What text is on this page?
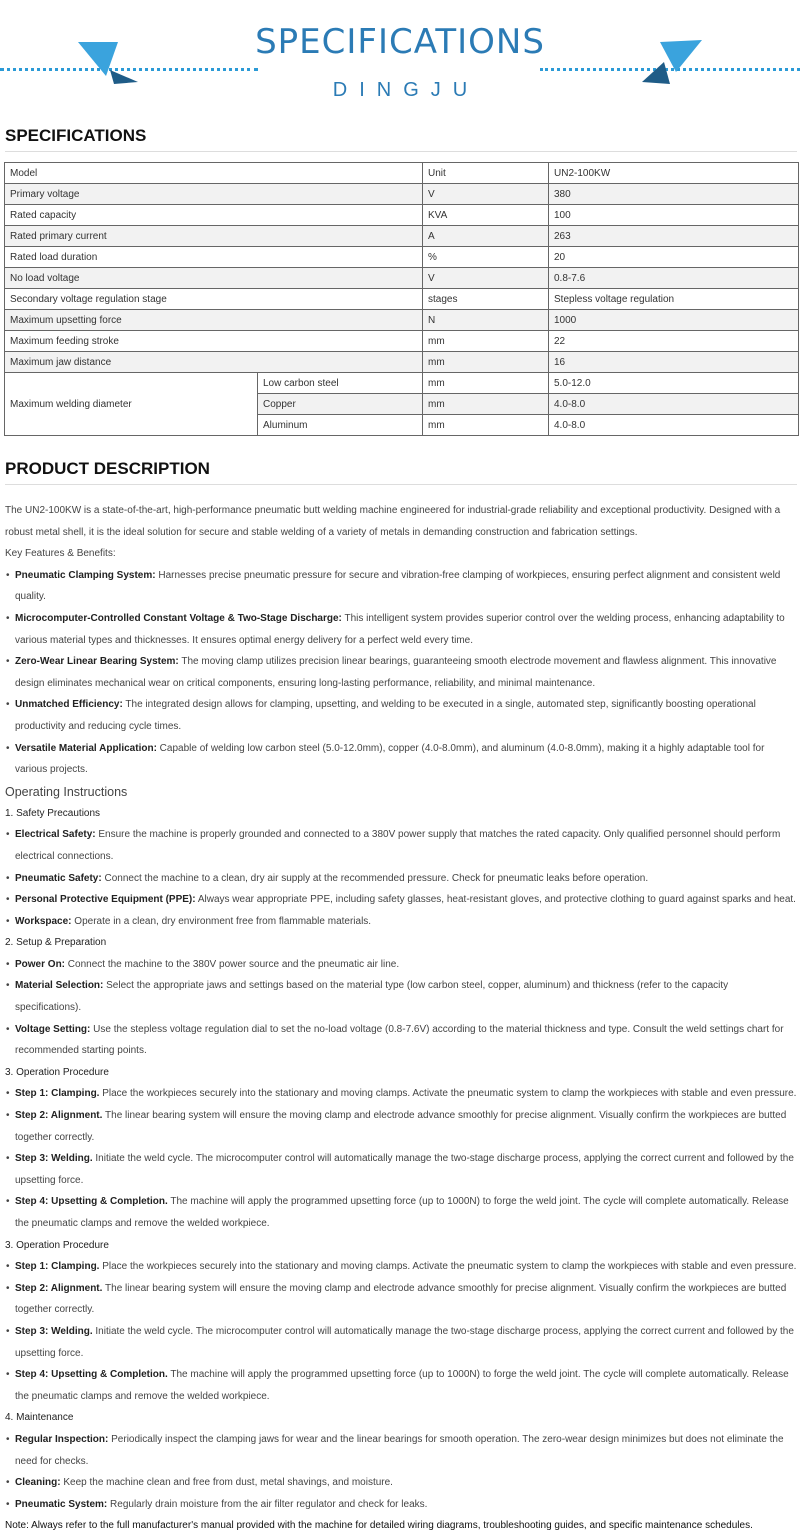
SPECIFICATIONS
DINGJU
SPECIFICATIONS
Model		Unit	UN2-100KW
Primary voltage		V	380
Rated capacity		KVA	100
Rated primary current		A	263
Rated load duration		%	20
No load voltage		V	0.8-7.6
Secondary voltage regulation stage		stages	Stepless voltage regulation
Maximum upsetting force		N	1000
Maximum feeding stroke		mm	22
Maximum jaw distance		mm	16
Maximum welding diameter	Low carbon steel	mm	5.0-12.0
	Copper	mm	4.0-8.0
	Aluminum	mm	4.0-8.0
PRODUCT DESCRIPTION

The UN2-100KW is a state-of-the-art, high-performance pneumatic butt welding machine engineered for industrial-grade reliability and exceptional productivity. Designed with a robust metal shell, it is the ideal solution for secure and stable welding of a variety of metals in demanding construction and fabrication settings.

Key Features & Benefits:

• Pneumatic Clamping System: Harnesses precise pneumatic pressure for secure and vibration-free clamping of workpieces, ensuring perfect alignment and consistent weld quality.
• Microcomputer-Controlled Constant Voltage & Two-Stage Discharge: This intelligent system provides superior control over the welding process, enhancing adaptability to various material types and thicknesses. It ensures optimal energy delivery for a perfect weld every time.
• Zero-Wear Linear Bearing System: The moving clamp utilizes precision linear bearings, guaranteeing smooth electrode movement and flawless alignment. This innovative design eliminates mechanical wear on critical components, ensuring long-lasting performance, reliability, and minimal maintenance.
• Unmatched Efficiency: The integrated design allows for clamping, upsetting, and welding to be executed in a single, automated step, significantly boosting operational productivity and reducing cycle times.
• Versatile Material Application: Capable of welding low carbon steel (5.0-12.0mm), copper (4.0-8.0mm), and aluminum (4.0-8.0mm), making it a highly adaptable tool for various projects.

Operating Instructions

1. Safety Precautions

• Electrical Safety: Ensure the machine is properly grounded and connected to a 380V power supply that matches the rated capacity. Only qualified personnel should perform electrical connections.
• Pneumatic Safety: Connect the machine to a clean, dry air supply at the recommended pressure. Check for pneumatic leaks before operation.
• Personal Protective Equipment (PPE): Always wear appropriate PPE, including safety glasses, heat-resistant gloves, and protective clothing to guard against sparks and heat.
• Workspace: Operate in a clean, dry environment free from flammable materials.

2. Setup & Preparation

• Power On: Connect the machine to the 380V power source and the pneumatic air line.
• Material Selection: Select the appropriate jaws and settings based on the material type (low carbon steel, copper, aluminum) and thickness (refer to the capacity specifications).
• Voltage Setting: Use the stepless voltage regulation dial to set the no-load voltage (0.8-7.6V) according to the material thickness and type. Consult the weld settings chart for recommended starting points.

3. Operation Procedure

• Step 1: Clamping. Place the workpieces securely into the stationary and moving clamps. Activate the pneumatic system to clamp the workpieces with stable and even pressure.
• Step 2: Alignment. The linear bearing system will ensure the moving clamp and electrode advance smoothly for precise alignment. Visually confirm the workpieces are butted together correctly.
• Step 3: Welding. Initiate the weld cycle. The microcomputer control will automatically manage the two-stage discharge process, applying the correct current and followed by the upsetting force.
• Step 4: Upsetting & Completion. The machine will apply the programmed upsetting force (up to 1000N) to forge the weld joint. The cycle will complete automatically. Release the pneumatic clamps and remove the welded workpiece.

3. Operation Procedure

• Step 1: Clamping. Place the workpieces securely into the stationary and moving clamps. Activate the pneumatic system to clamp the workpieces with stable and even pressure.
• Step 2: Alignment. The linear bearing system will ensure the moving clamp and electrode advance smoothly for precise alignment. Visually confirm the workpieces are butted together correctly.
• Step 3: Welding. Initiate the weld cycle. The microcomputer control will automatically manage the two-stage discharge process, applying the correct current and followed by the upsetting force.
• Step 4: Upsetting & Completion. The machine will apply the programmed upsetting force (up to 1000N) to forge the weld joint. The cycle will complete automatically. Release the pneumatic clamps and remove the welded workpiece.

4. Maintenance

• Regular Inspection: Periodically inspect the clamping jaws for wear and the linear bearings for smooth operation. The zero-wear design minimizes but does not eliminate the need for checks.
• Cleaning: Keep the machine clean and free from dust, metal shavings, and moisture.
• Pneumatic System: Regularly drain moisture from the air filter regulator and check for leaks.

Note: Always refer to the full manufacturer's manual provided with the machine for detailed wiring diagrams, troubleshooting guides, and specific maintenance schedules.
